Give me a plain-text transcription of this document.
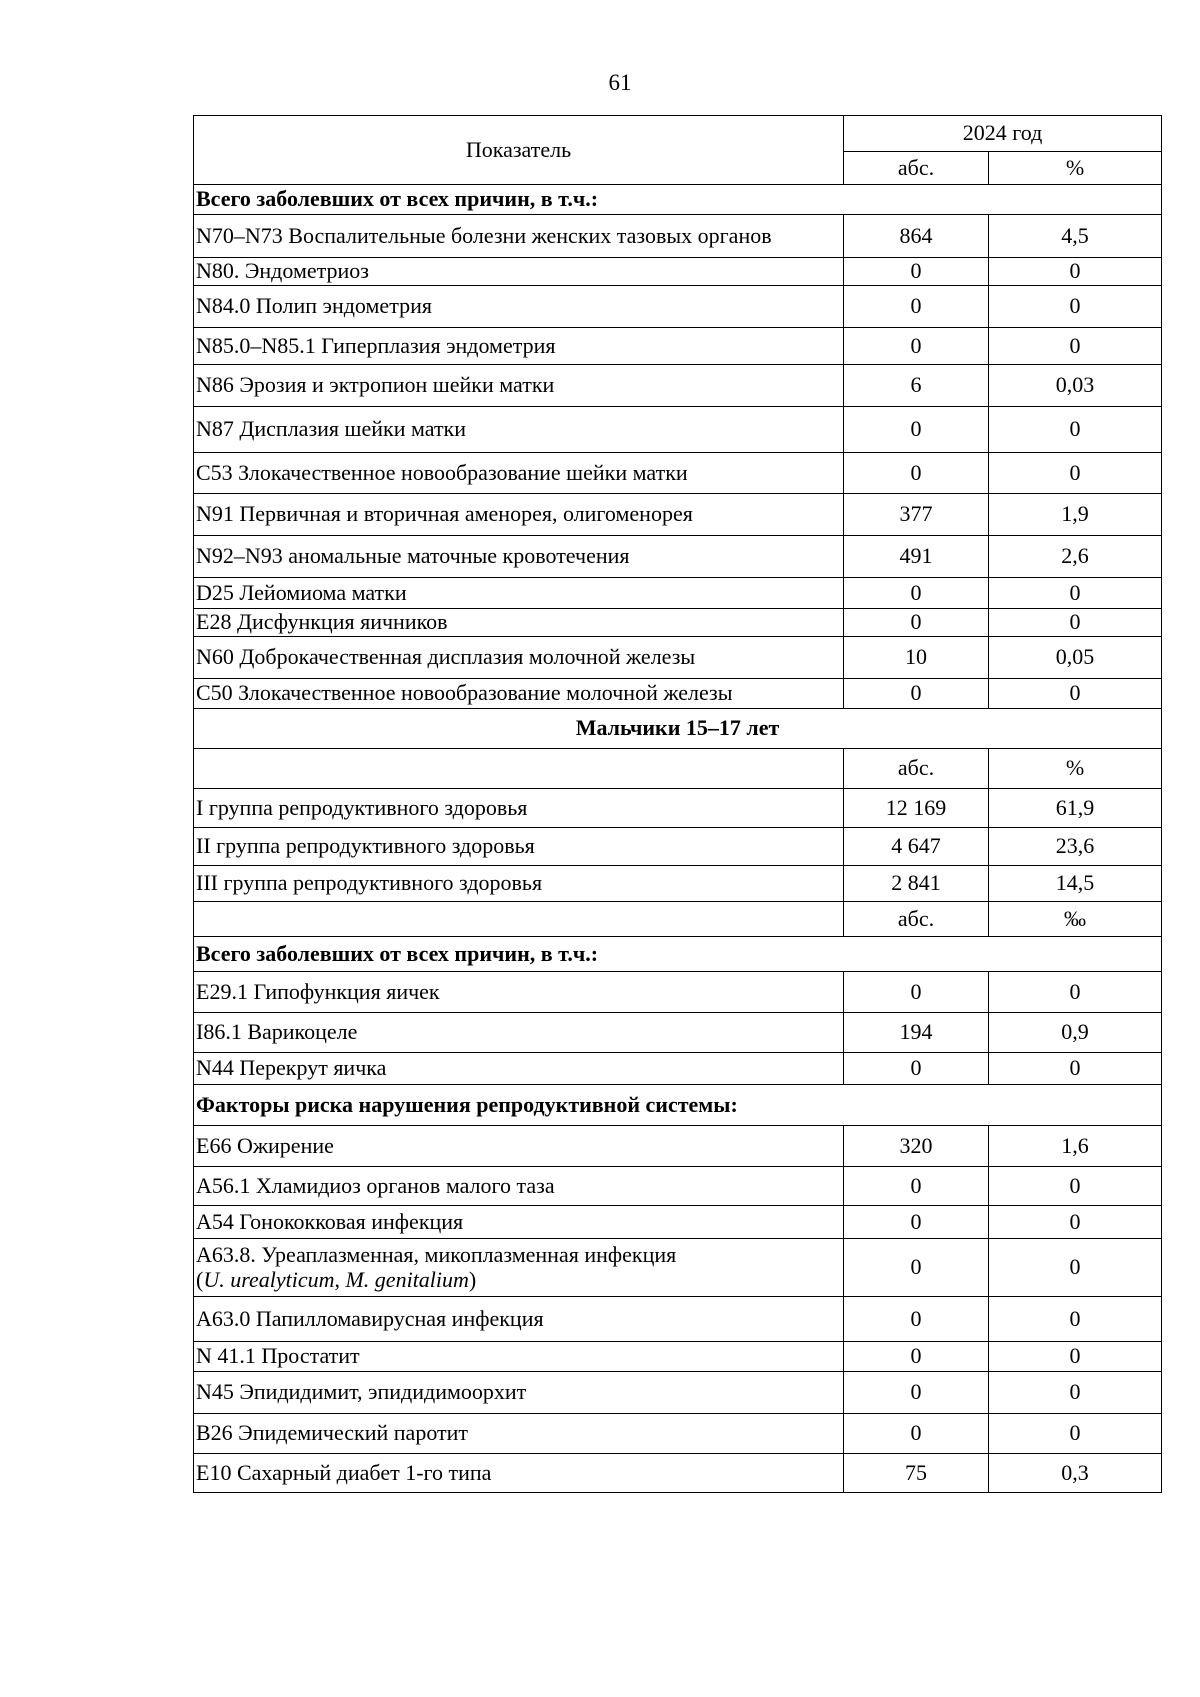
61
Показатель	2024 год	
	абс.	%
Всего заболевших от всех причин, в т.ч.:		
N70–N73 Воспалительные болезни женских тазовых органов	864	4,5
N80. Эндометриоз	0	0
N84.0 Полип эндометрия	0	0
N85.0–N85.1 Гиперплазия эндометрия	0	0
N86 Эрозия и эктропион шейки матки	6	0,03
N87 Дисплазия шейки матки	0	0
C53 Злокачественное новообразование шейки матки	0	0
N91 Первичная и вторичная аменорея, олигоменорея	377	1,9
N92–N93 аномальные маточные кровотечения	491	2,6
D25 Лейомиома матки	0	0
E28 Дисфункция яичников	0	0
N60 Доброкачественная дисплазия молочной железы	10	0,05
C50 Злокачественное новообразование молочной железы	0	0
Мальчики 15–17 лет		
	абс.	%
I группа репродуктивного здоровья	12 169	61,9
II группа репродуктивного здоровья	4 647	23,6
III группа репродуктивного здоровья	2 841	14,5
	абс.	‰
Всего заболевших от всех причин, в т.ч.:		
E29.1 Гипофункция яичек	0	0
I86.1 Варикоцеле	194	0,9
N44 Перекрут яичка	0	0
Факторы риска нарушения репродуктивной системы:		
E66 Ожирение	320	1,6
A56.1 Хламидиоз органов малого таза	0	0
A54 Гонококковая инфекция	0	0
A63.8. Уреаплазменная, микоплазменная инфекция
(U. urealyticum, M. genitalium)	0	0
A63.0 Папилломавирусная инфекция	0	0
N 41.1 Простатит	0	0
N45 Эпидидимит, эпидидимоорхит	0	0
B26 Эпидемический паротит	0	0
E10 Сахарный диабет 1-го типа	75	0,3
